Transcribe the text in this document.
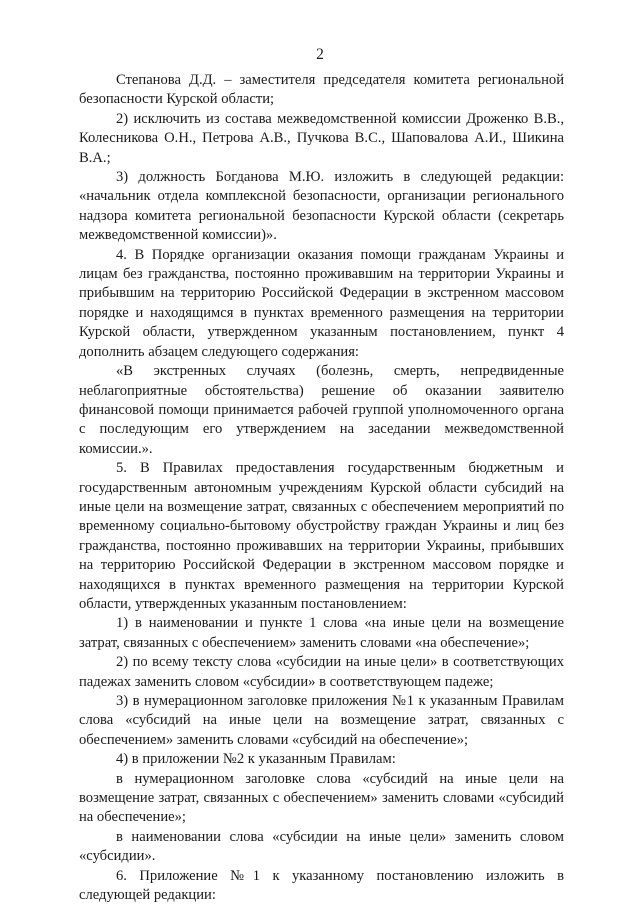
2

Степанова Д.Д. – заместителя председателя комитета региональной безопасности Курской области;

2) исключить из состава межведомственной комиссии Дроженко В.В., Колесникова О.Н., Петрова А.В., Пучкова В.С., Шаповалова А.И., Шикина В.А.;

3) должность Богданова М.Ю. изложить в следующей редакции: «начальник отдела комплексной безопасности, организации регионального надзора комитета региональной безопасности Курской области (секретарь межведомственной комиссии)».

4. В Порядке организации оказания помощи гражданам Украины и лицам без гражданства, постоянно проживавшим на территории Украины и прибывшим на территорию Российской Федерации в экстренном массовом порядке и находящимся в пунктах временного размещения на территории Курской области, утвержденном указанным постановлением, пункт 4 дополнить абзацем следующего содержания:

«В экстренных случаях (болезнь, смерть, непредвиденные неблагоприятные обстоятельства) решение об оказании заявителю финансовой помощи принимается рабочей группой уполномоченного органа с последующим его утверждением на заседании межведомственной комиссии.».

5. В Правилах предоставления государственным бюджетным и государственным автономным учреждениям Курской области субсидий на иные цели на возмещение затрат, связанных с обеспечением мероприятий по временному социально-бытовому обустройству граждан Украины и лиц без гражданства, постоянно проживавших на территории Украины, прибывших на территорию Российской Федерации в экстренном массовом порядке и находящихся в пунктах временного размещения на территории Курской области, утвержденных указанным постановлением:

1) в наименовании и пункте 1 слова «на иные цели на возмещение затрат, связанных с обеспечением» заменить словами «на обеспечение»;

2) по всему тексту слова «субсидии на иные цели» в соответствующих падежах заменить словом «субсидии» в соответствующем падеже;

3) в нумерационном заголовке приложения №1 к указанным Правилам слова «субсидий на иные цели на возмещение затрат, связанных с обеспечением» заменить словами «субсидий на обеспечение»;

4) в приложении №2 к указанным Правилам:

в нумерационном заголовке слова «субсидий на иные цели на возмещение затрат, связанных с обеспечением» заменить словами «субсидий на обеспечение»;

в наименовании слова «субсидии на иные цели» заменить словом «субсидии».

6. Приложение №1 к указанному постановлению изложить в следующей редакции:
